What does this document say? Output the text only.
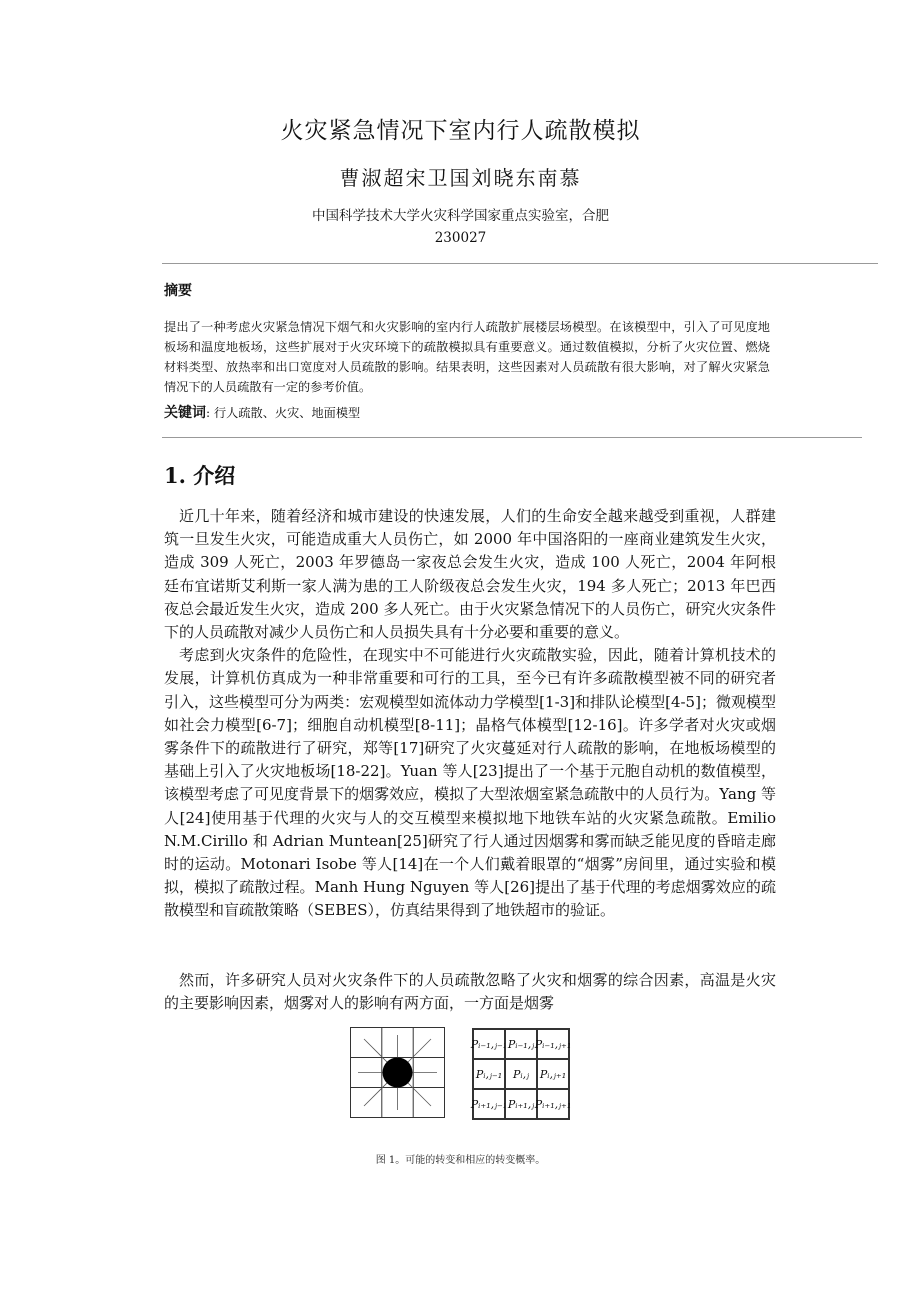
火灾紧急情况下室内行人疏散模拟
曹淑超宋卫国刘晓东南慕
中国科学技术大学火灾科学国家重点实验室，合肥
230027
摘要
提出了一种考虑火灾紧急情况下烟气和火灾影响的室内行人疏散扩展楼层场模型。在该模型中，引入了可见度地板场和温度地板场，这些扩展对于火灾环境下的疏散模拟具有重要意义。通过数值模拟，分析了火灾位置、燃烧材料类型、放热率和出口宽度对人员疏散的影响。结果表明，这些因素对人员疏散有很大影响，对了解火灾紧急情况下的人员疏散有一定的参考价值。
关键词: 行人疏散、火灾、地面模型
1. 介绍

近几十年来，随着经济和城市建设的快速发展，人们的生命安全越来越受到重视，人群建筑一旦发生火灾，可能造成重大人员伤亡，如 2000 年中国洛阳的一座商业建筑发生火灾，造成 309 人死亡，2003 年罗德岛一家夜总会发生火灾，造成 100 人死亡，2004 年阿根廷布宜诺斯艾利斯一家人满为患的工人阶级夜总会发生火灾，194 多人死亡；2013 年巴西夜总会最近发生火灾，造成 200 多人死亡。由于火灾紧急情况下的人员伤亡，研究火灾条件下的人员疏散对减少人员伤亡和人员损失具有十分必要和重要的意义。

考虑到火灾条件的危险性，在现实中不可能进行火灾疏散实验，因此，随着计算机技术的发展，计算机仿真成为一种非常重要和可行的工具，至今已有许多疏散模型被不同的研究者引入，这些模型可分为两类：宏观模型如流体动力学模型[1-3]和排队论模型[4-5]；微观模型如社会力模型[6-7]；细胞自动机模型[8-11]；晶格气体模型[12-16]。许多学者对火灾或烟雾条件下的疏散进行了研究，郑等[17]研究了火灾蔓延对行人疏散的影响，在地板场模型的基础上引入了火灾地板场[18-22]。Yuan 等人[23]提出了一个基于元胞自动机的数值模型，该模型考虑了可见度背景下的烟雾效应，模拟了大型浓烟室紧急疏散中的人员行为。Yang 等人[24]使用基于代理的火灾与人的交互模型来模拟地下地铁车站的火灾紧急疏散。Emilio N.M.Cirillo 和 Adrian Muntean[25]研究了行人通过因烟雾和雾而缺乏能见度的昏暗走廊时的运动。Motonari Isobe 等人[14]在一个人们戴着眼罩的“烟雾”房间里，通过实验和模拟，模拟了疏散过程。Manh Hung Nguyen 等人[26]提出了基于代理的考虑烟雾效应的疏散模型和盲疏散策略（SEBES），仿真结果得到了地铁超市的验证。

然而，许多研究人员对火灾条件下的人员疏散忽略了火灾和烟雾的综合因素，高温是火灾的主要影响因素，烟雾对人的影响有两方面，一方面是烟雾

Pᵢ₋₁,ⱼ₋₁ Pᵢ₋₁,ⱼ Pᵢ₋₁,ⱼ₊₁
Pᵢ,ⱼ₋₁ Pᵢ,ⱼ Pᵢ,ⱼ₊₁
Pᵢ₊₁,ⱼ₋₁ Pᵢ₊₁,ⱼ Pᵢ₊₁,ⱼ₊₁
图 1。可能的转变和相应的转变概率。
